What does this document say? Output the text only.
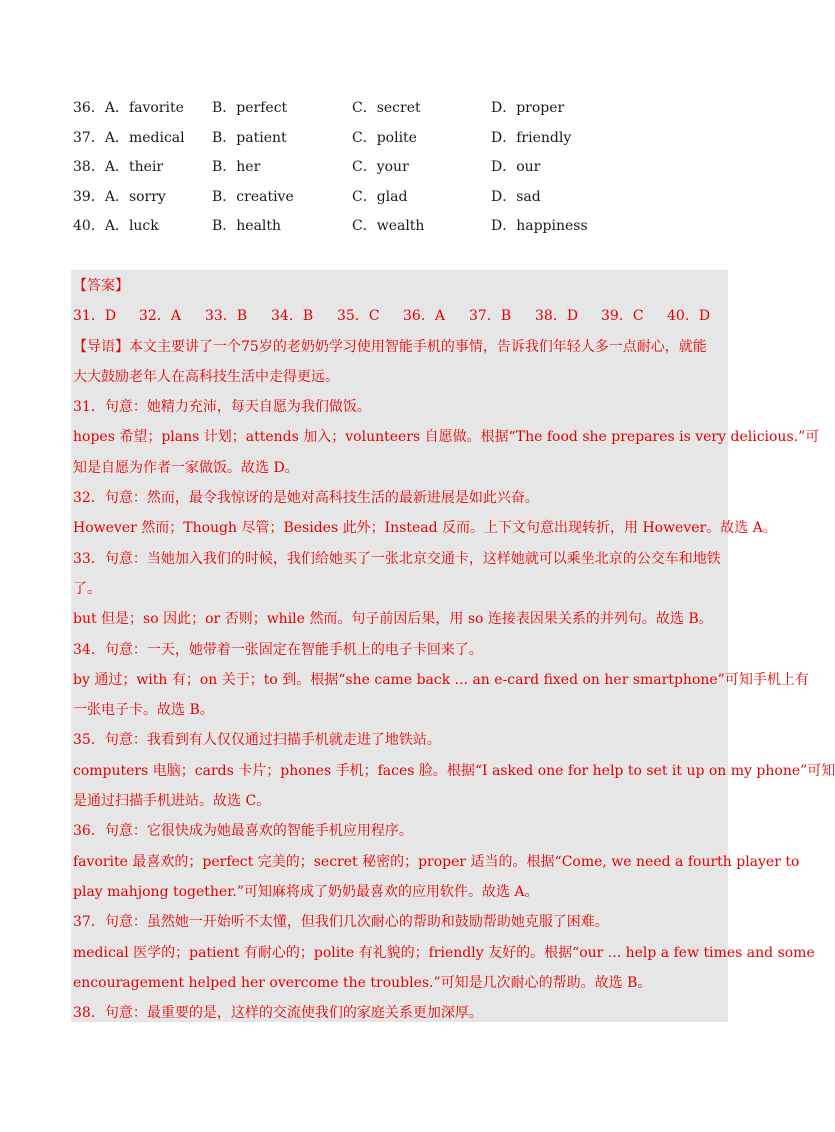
36．A．favorite B．perfect	C．secret	D．proper
37．A．medical B．patient	C．polite	D．friendly
38．A．their	B．her	C．your	D．our
39．A．sorry	B．creative	C．glad	D．sad
40．A．luck	B．health	C．wealth	D．happiness
【答案】
31．D 32．A 33．B 34．B 35．C 36．A 37．B 38．D 39．C 40．D
【导语】本文主要讲了一个75岁的老奶奶学习使用智能手机的事情，告诉我们年轻人多一点耐心，就能
大大鼓励老年人在高科技生活中走得更远。
31．句意：她精力充沛，每天自愿为我们做饭。
hopes 希望；plans 计划；attends 加入；volunteers 自愿做。根据“The food she prepares is very delicious.”可
知是自愿为作者一家做饭。故选 D。
32．句意：然而，最令我惊讶的是她对高科技生活的最新进展是如此兴奋。
However 然而；Though 尽管；Besides 此外；Instead 反而。上下文句意出现转折，用 However。故选 A。
33．句意：当她加入我们的时候，我们给她买了一张北京交通卡，这样她就可以乘坐北京的公交车和地铁
了。
but 但是；so 因此；or 否则；while 然而。句子前因后果，用 so 连接表因果关系的并列句。故选 B。
34．句意：一天，她带着一张固定在智能手机上的电子卡回来了。
by 通过；with 有；on 关于；to 到。根据“she came back ... an e-card fixed on her smartphone”可知手机上有
一张电子卡。故选 B。
35．句意：我看到有人仅仅通过扫描手机就走进了地铁站。
computers 电脑；cards 卡片；phones 手机；faces 脸。根据“I asked one for help to set it up on my phone”可知
是通过扫描手机进站。故选 C。
36．句意：它很快成为她最喜欢的智能手机应用程序。
favorite 最喜欢的；perfect 完美的；secret 秘密的；proper 适当的。根据“Come, we need a fourth player to
play mahjong together.”可知麻将成了奶奶最喜欢的应用软件。故选 A。
37．句意：虽然她一开始听不太懂，但我们几次耐心的帮助和鼓励帮助她克服了困难。
medical 医学的；patient 有耐心的；polite 有礼貌的；friendly 友好的。根据“our ... help a few times and some
encouragement helped her overcome the troubles.”可知是几次耐心的帮助。故选 B。
38．句意：最重要的是，这样的交流使我们的家庭关系更加深厚。
